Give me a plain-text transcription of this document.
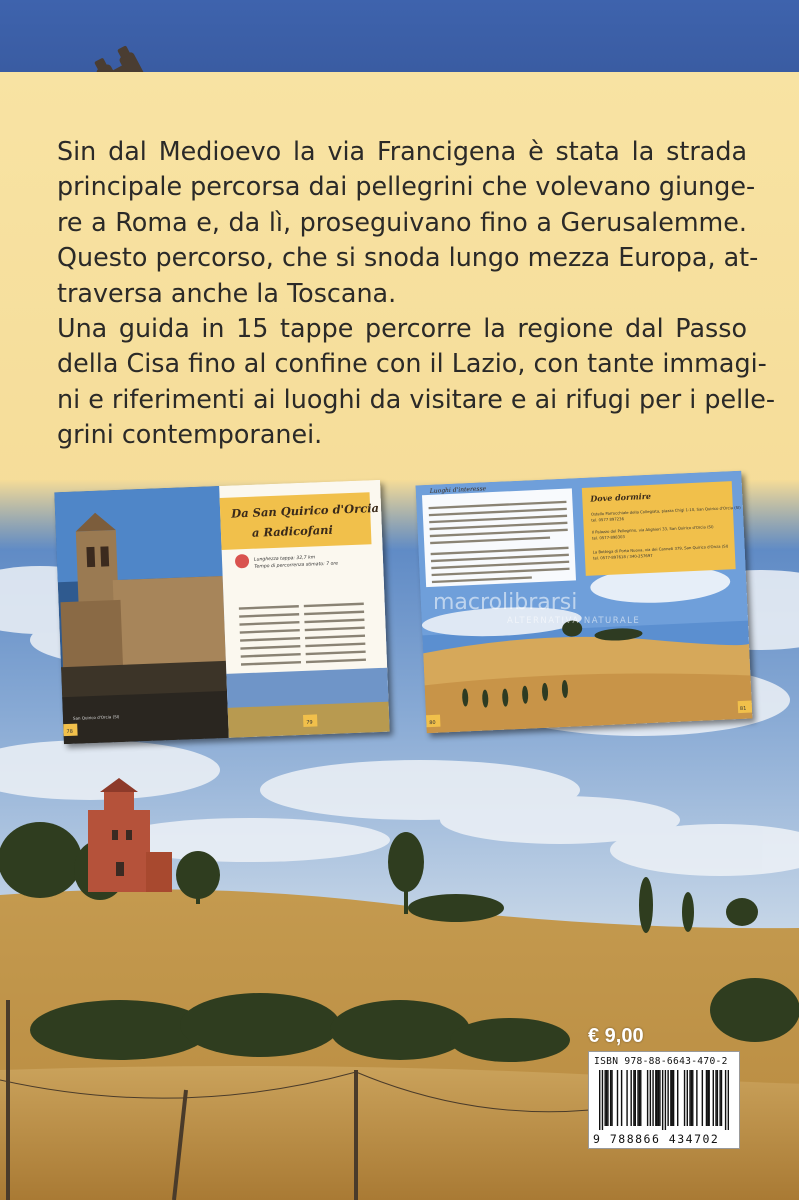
Sin dal Medioevo la via Francigena è stata la strada
principale percorsa dai pellegrini che volevano giunge-
re a Roma e, da lì, proseguivano fino a Gerusalemme.
Questo percorso, che si snoda lungo mezza Europa, at-
traversa anche la Toscana.
Una guida in 15 tappe percorre la regione dal Passo
della Cisa fino al confine con il Lazio, con tante immagi-
ni e riferimenti ai luoghi da visitare e ai rifugi per i pelle-
grini contemporanei.
Da San Quirico d'Orcia
a Radicofani
Lunghezza tappa: 32,7 km
Tempo di percorrenza stimato: 7 ore
San Quirico d'Orcia (SI)
78
79
Luoghi d'interesse
Dove dormire
Ostello Parrocchiale della Collegiata, piazza Chigi 1-10, San Quirico d'Orcia (SI)
tel. 0577 897236
Il Palazzo del Pellegrino, via Alighieri 33, San Quirico d'Orcia (SI)
tel. 0577-898303
La Bottega di Porta Nuova, via dei Canneti 379, San Quirico d'Orcia (SI)
tel. 0577-897618 / 340-257697
80
81
macrolibrarsi
ALTERNATIVA NATURALE
€ 9,00
ISBN 978-88-6643-470-2
9 788866 434702
